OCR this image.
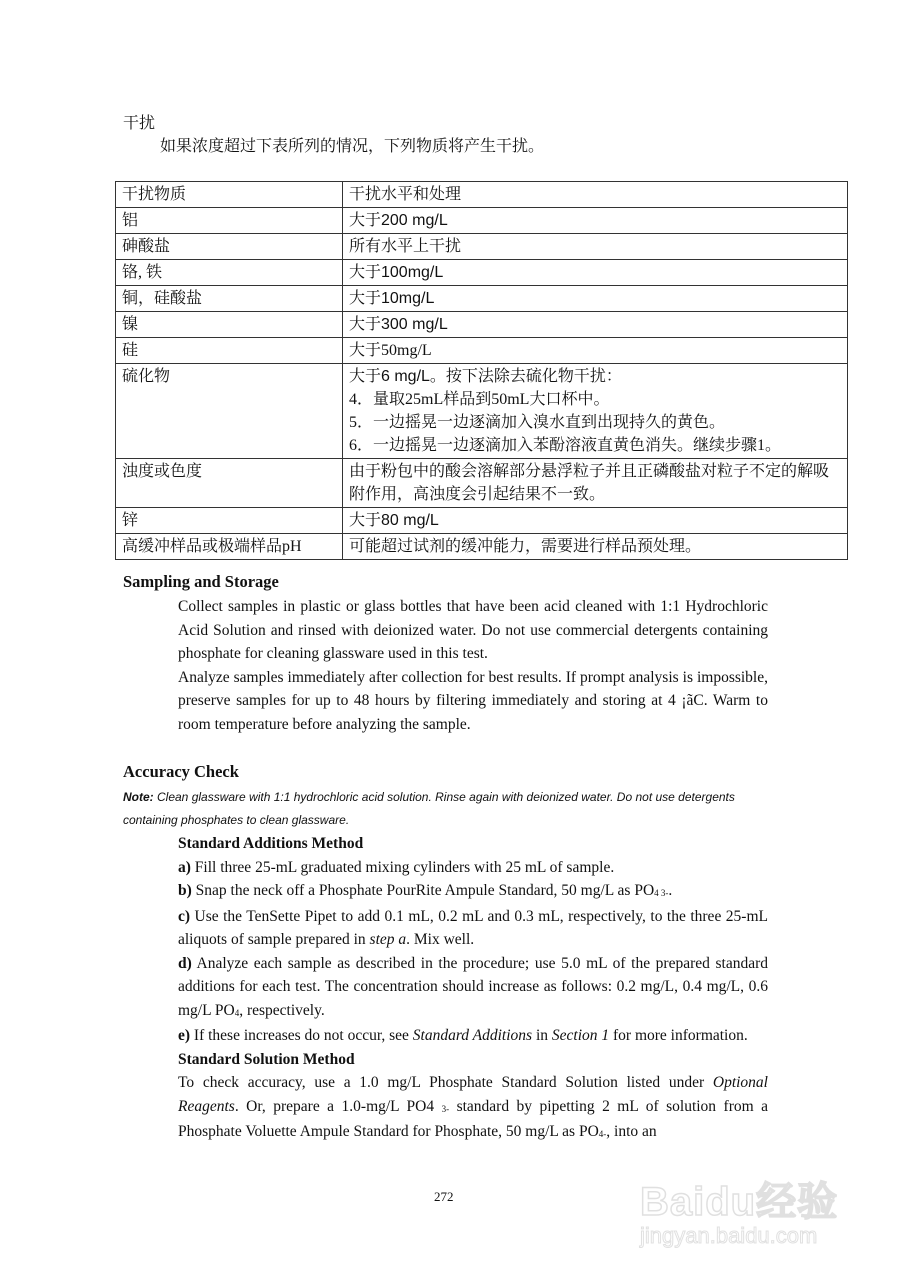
干扰
如果浓度超过下表所列的情况，下列物质将产生干扰。
干扰物质	干扰水平和处理
铝	大于200 mg/L
砷酸盐	所有水平上干扰
铬, 铁	大于100mg/L
铜，硅酸盐	大于10mg/L
镍	大于300 mg/L
硅	大于50mg/L
硫化物	大于6 mg/L。按下法除去硫化物干扰：
4．量取25mL样品到50mL大口杯中。
5．一边摇晃一边逐滴加入溴水直到出现持久的黄色。
6．一边摇晃一边逐滴加入苯酚溶液直黄色消失。继续步骤1。

浊度或色度	由于粉包中的酸会溶解部分悬浮粒子并且正磷酸盐对粒子不定的解吸附作用，高浊度会引起结果不一致。
锌	大于80 mg/L
高缓冲样品或极端样品pH	可能超过试剂的缓冲能力，需要进行样品预处理。
Sampling and Storage

Collect samples in plastic or glass bottles that have been acid cleaned with 1:1 Hydrochloric Acid Solution and rinsed with deionized water. Do not use commercial detergents containing phosphate for cleaning glassware used in this test.

Analyze samples immediately after collection for best results. If prompt analysis is impossible, preserve samples for up to 48 hours by filtering immediately and storing at 4 ¡ãC. Warm to room temperature before analyzing the sample.

Accuracy Check
Note: Clean glassware with 1:1 hydrochloric acid solution. Rinse again with deionized water. Do not use detergents containing phosphates to clean glassware.

Standard Additions Method

a) Fill three 25-mL graduated mixing cylinders with 25 mL of sample.

b) Snap the neck off a Phosphate PourRite Ampule Standard, 50 mg/L as $PO_{4 3-}$.

c) Use the TenSette Pipet to add 0.1 mL, 0.2 mL and 0.3 mL, respectively, to the three 25-mL aliquots of sample prepared in step a. Mix well.

d) Analyze each sample as described in the procedure; use 5.0 mL of the prepared standard additions for each test. The concentration should increase as follows: 0.2 mg/L, 0.4 mg/L, 0.6 mg/L $PO_4$, respectively.

e) If these increases do not occur, see Standard Additions in Section 1 for more information.

Standard Solution Method

To check accuracy, use a 1.0 mg/L Phosphate Standard Solution listed under Optional Reagents. Or, prepare a 1.0-mg/L PO4 $_{3-}$ standard by pipetting 2 mL of solution from a Phosphate Voluette Ampule Standard for Phosphate, 50 mg/L as $PO_{4-}$, into an

272	Baidu经验
jingyan.baidu.com
